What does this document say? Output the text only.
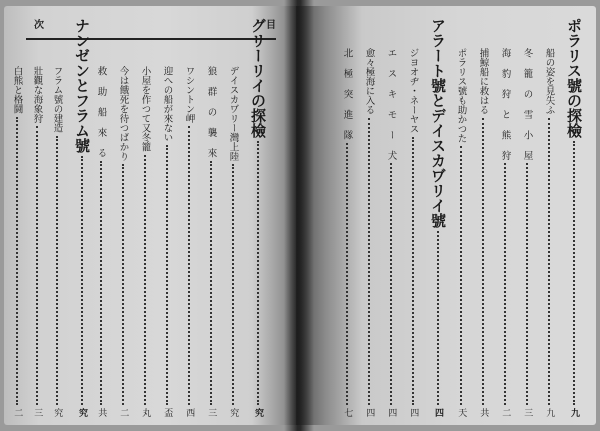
次	目
グリーリイの探檢
究
デイスカヷリー灣上陸
究
狼 群 の 襲 來
三
ワシントン岬
西
迎への船が來ない
盃
小屋を作つて又冬籠
丸
今は餓死を待つばかり
二
救 助 船 來 る
共
ナンゼンとフラム號
究
フラム號の建造
究
壯觀な海象狩
三
白熊と格鬪
二
ポラリス號の探檢
九
船の姿を見失ふ
九
冬 籠 の 雪 小 屋
三
海 豹 狩 と 熊 狩
二
捕鯨船に救はる
共
ポラリス號も助かつた
天
アラート號とデイスカヷリイ號
四
ジヨオヂ・ネーヤス
四
エ ス キ モ ー 犬
四
愈々極海に入る
四
北 極 突 進 隊
七
